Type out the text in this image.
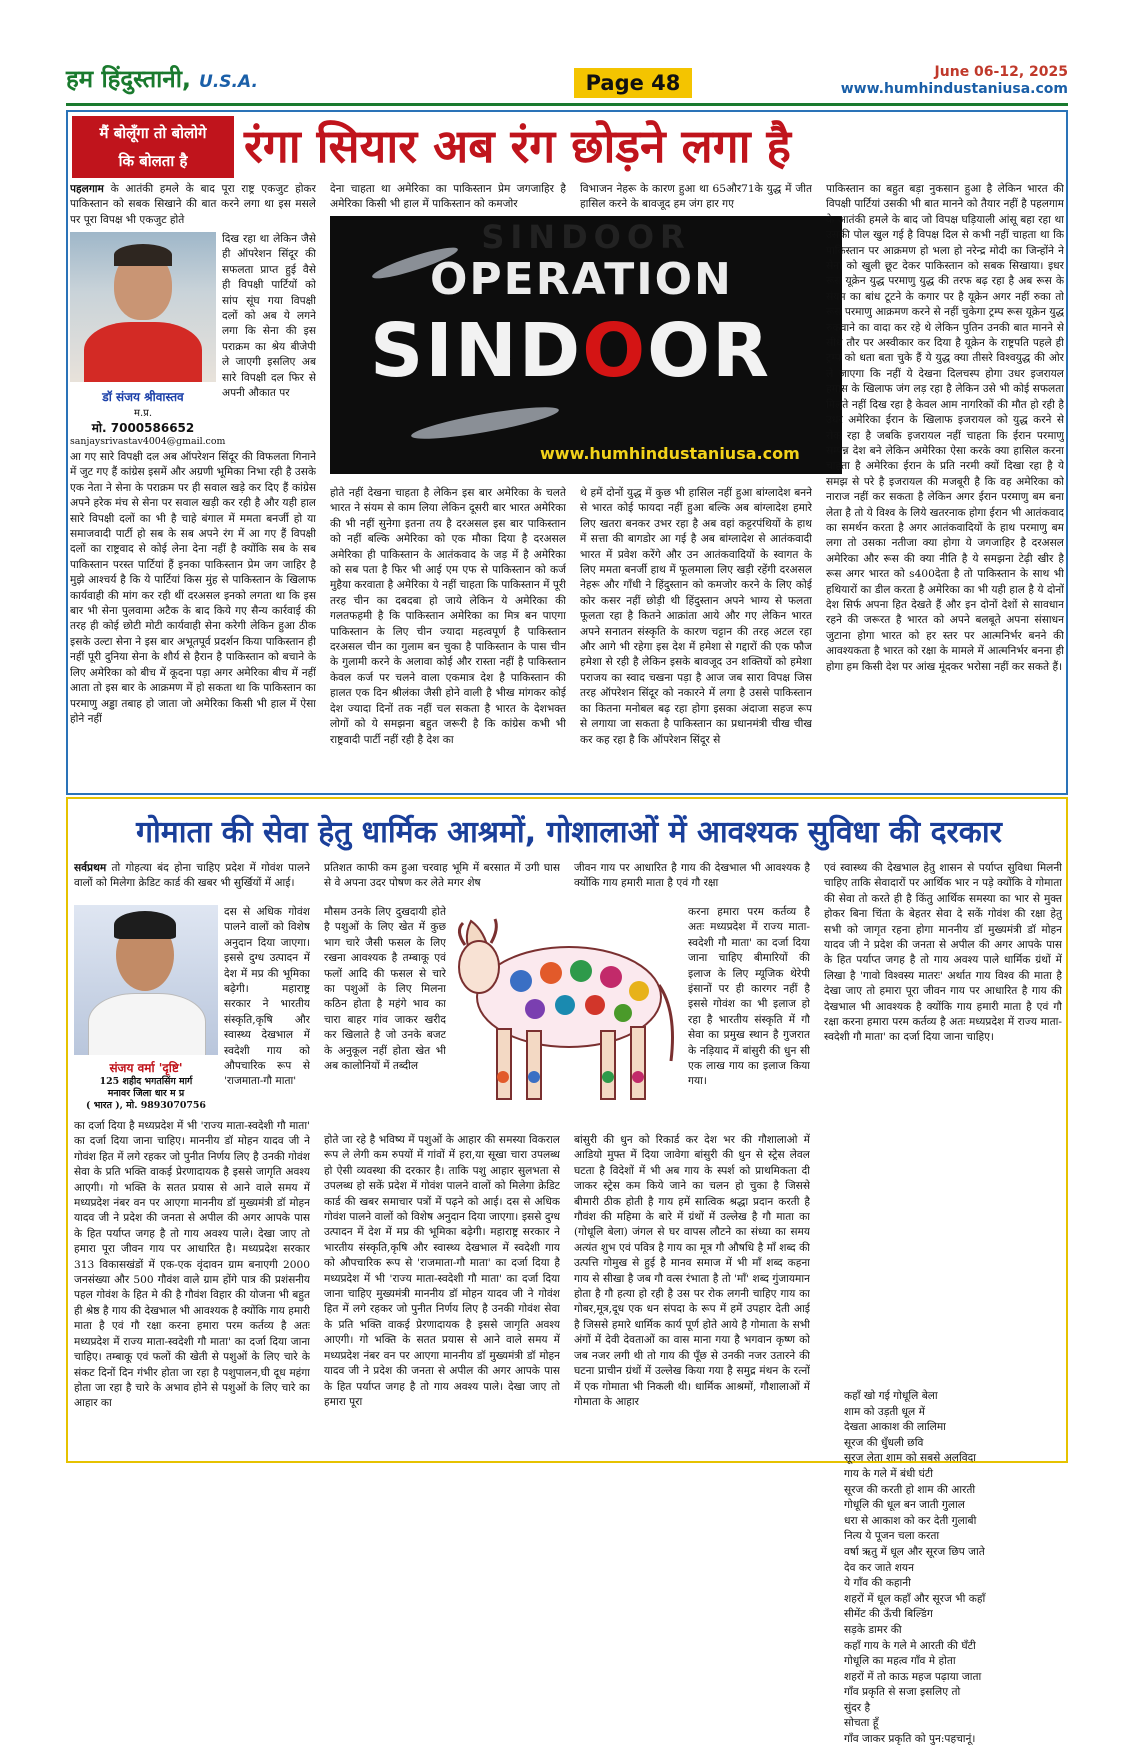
हम हिंदुस्तानी, U.S.A.	Page 48	June 06-12, 2025
www.humhindustaniusa.com
मैं बोलूँगा तो बोलोगे
कि बोलता है	रंगा सियार अब रंग छोड़ने लगा है

पहलगाम के आतंकी हमले के बाद पूरा राष्ट्र एकजुट होकर पाकिस्तान को सबक सिखाने की बात करने लगा था इस मसले पर पूरा विपक्ष भी एकजुट होते

डॉ संजय श्रीवास्तव
म.प्र.
मो. 7000586652
sanjaysrivastav4004@gmail.com
दिख रहा था लेकिन जैसे ही ऑपरेशन सिंदूर की सफलता प्राप्त हुई वैसे ही विपक्षी पार्टियों को सांप सूंघ गया विपक्षी दलों को अब ये लगने लगा कि सेना की इस पराक्रम का श्रेय बीजेपी ले जाएगी इसलिए अब सारे विपक्षी दल फिर से अपनी औकात पर
आ गए सारे विपक्षी दल अब ऑपरेशन सिंदूर की विफलता गिनाने में जुट गए हैं कांग्रेस इसमें और अग्रणी भूमिका निभा रही है उसके एक नेता ने सेना के पराक्रम पर ही सवाल खड़े कर दिए हैं कांग्रेस अपने हरेक मंच से सेना पर सवाल खड़ी कर रही है और यही हाल सारे विपक्षी दलों का भी है चाहे बंगाल में ममता बनर्जी हो या समाजवादी पार्टी हो सब के सब अपने रंग में आ गए हैं विपक्षी दलों का राष्ट्रवाद से कोई लेना देना नहीं है क्योंकि सब के सब पाकिस्तान परस्त पार्टियां हैं इनका पाकिस्तान प्रेम जग जाहिर है मुझे आश्चर्य है कि ये पार्टियां किस मुंह से पाकिस्तान के खिलाफ कार्यवाही की मांग कर रही थीं दरअसल इनको लगता था कि इस बार भी सेना पुलवामा अटैक के बाद किये गए सैन्य कार्रवाई की तरह ही कोई छोटी मोटी कार्यवाही सेना करेगी लेकिन हुआ ठीक इसके उल्टा सेना ने इस बार अभूतपूर्व प्रदर्शन किया पाकिस्तान ही नहीं पूरी दुनिया सेना के शौर्य से हैरान है पाकिस्तान को बचाने के लिए अमेरिका को बीच में कूदना पड़ा अगर अमेरिका बीच में नहीं आता तो इस बार के आक्रमण में हो सकता था कि पाकिस्तान का परमाणु अड्डा तबाह हो जाता जो अमेरिका किसी भी हाल में ऐसा होने नहीं
देना चाहता था अमेरिका का पाकिस्तान प्रेम जगजाहिर है अमेरिका किसी भी हाल में पाकिस्तान को कमजोर
SINDOOR
OPERATION
SINDOOR
www.humhindustaniusa.com
होते नहीं देखना चाहता है लेकिन इस बार अमेरिका के चलते भारत ने संयम से काम लिया लेकिन दूसरी बार भारत अमेरिका की भी नहीं सुनेगा इतना तय है दरअसल इस बार पाकिस्तान को नहीं बल्कि अमेरिका को एक मौका दिया है दरअसल अमेरिका ही पाकिस्तान के आतंकवाद के जड़ में है अमेरिका को सब पता है फिर भी आई एम एफ से पाकिस्तान को कर्ज मुहैया करवाता है अमेरिका ये नहीं चाहता कि पाकिस्तान में पूरी तरह चीन का दबदबा हो जाये लेकिन ये अमेरिका की गलतफहमी है कि पाकिस्तान अमेरिका का मित्र बन पाएगा पाकिस्तान के लिए चीन ज्यादा महत्वपूर्ण है पाकिस्तान दरअसल चीन का गुलाम बन चुका है पाकिस्तान के पास चीन के गुलामी करने के अलावा कोई और रास्ता नहीं है पाकिस्तान केवल कर्ज पर चलने वाला एकमात्र देश है पाकिस्तान की हालत एक दिन श्रीलंका जैसी होने वाली है भीख मांगकर कोई देश ज्यादा दिनों तक नहीं चल सकता है भारत के देशभक्त लोगों को ये समझना बहुत जरूरी है कि कांग्रेस कभी भी राष्ट्रवादी पार्टी नहीं रही है देश का
विभाजन नेहरू के कारण हुआ था 65और71के युद्ध में जीत हासिल करने के बावजूद हम जंग हार गए
थे हमें दोनों युद्ध में कुछ भी हासिल नहीं हुआ बांग्लादेश बनने से भारत कोई फायदा नहीं हुआ बल्कि अब बांग्लादेश हमारे लिए खतरा बनकर उभर रहा है अब वहां कट्टरपंथियों के हाथ में सत्ता की बागडोर आ गई है अब बांग्लादेश से आतंकवादी भारत में प्रवेश करेंगे और उन आतंकवादियों के स्वागत के लिए ममता बनर्जी हाथ में फूलमाला लिए खड़ी रहेंगी दरअसल नेहरू और गाँधी ने हिंदुस्तान को कमजोर करने के लिए कोई कोर कसर नहीं छोड़ी थी हिंदुस्तान अपने भाग्य से फलता फूलता रहा है कितने आक्रांता आये और गए लेकिन भारत अपने सनातन संस्कृति के कारण चट्टान की तरह अटल रहा और आगे भी रहेगा इस देश में हमेशा से गद्दारों की एक फौज हमेशा से रही है लेकिन इसके बावजूद उन शक्तियों को हमेशा पराजय का स्वाद चखना पड़ा है आज जब सारा विपक्ष जिस तरह ऑपरेशन सिंदूर को नकारने में लगा है उससे पाकिस्तान का कितना मनोबल बढ़ रहा होगा इसका अंदाजा सहज रूप से लगाया जा सकता है पाकिस्तान का प्रधानमंत्री चीख चीख कर कह रहा है कि ऑपरेशन सिंदूर से
पाकिस्तान का बहुत बड़ा नुकसान हुआ है लेकिन भारत की विपक्षी पार्टियां उसकी भी बात मानने को तैयार नहीं है पहलगाम के आतंकी हमले के बाद जो विपक्ष घड़ियाली आंसू बहा रहा था उसकी पोल खुल गई है विपक्ष दिल से कभी नहीं चाहता था कि पाकिस्तान पर आक्रमण हो भला हो नरेन्द्र मोदी का जिन्होंने ने सेना को खुली छूट देकर पाकिस्तान को सबक सिखाया। इधर रूस यूक्रेन युद्ध परमाणु युद्ध की तरफ बढ़ रहा है अब रूस के संयम का बांध टूटने के कगार पर है यूक्रेन अगर नहीं रुका तो रूस परमाणु आक्रमण करने से नहीं चुकेगा ट्रम्प रूस यूक्रेन युद्ध रुकवाने का वादा कर रहे थे लेकिन पुतिन उनकी बात मानने से सीधे तौर पर अस्वीकार कर दिया है यूक्रेन के राष्ट्रपति पहले ही ट्रम्प को धता बता चुके हैं ये युद्ध क्या तीसरे विश्वयुद्ध की ओर ले जाएगा कि नहीं ये देखना दिलचस्प होगा उधर इजरायल हमास के खिलाफ जंग लड़ रहा है लेकिन उसे भी कोई सफलता मिलते नहीं दिख रहा है केवल आम नागरिकों की मौत हो रही है उधर अमेरिका ईरान के खिलाफ इजरायल को युद्ध करने से रोक रहा है जबकि इजरायल नहीं चाहता कि ईरान परमाणु सम्पन्न देश बने लेकिन अमेरिका ऐसा करके क्या हासिल करना चाहता है अमेरिका ईरान के प्रति नरमी क्यों दिखा रहा है ये समझ से परे है इजरायल की मजबूरी है कि वह अमेरिका को नाराज नहीं कर सकता है लेकिन अगर ईरान परमाणु बम बना लेता है तो ये विश्व के लिये खतरनाक होगा ईरान भी आतंकवाद का समर्थन करता है अगर आतंकवादियों के हाथ परमाणु बम लगा तो उसका नतीजा क्या होगा ये जगजाहिर है दरअसल अमेरिका और रूस की क्या नीति है ये समझना टेढ़ी खीर है रूस अगर भारत को s400देता है तो पाकिस्तान के साथ भी हथियारों का डील करता है अमेरिका का भी यही हाल है ये दोनों देश सिर्फ अपना हित देखते हैं और इन दोनों देशों से सावधान रहने की जरूरत है भारत को अपने बलबूते अपना संसाधन जुटाना होगा भारत को हर स्तर पर आत्मनिर्भर बनने की आवश्यकता है भारत को रक्षा के मामले में आत्मनिर्भर बनना ही होगा हम किसी देश पर आंख मूंदकर भरोसा नहीं कर सकते हैं।
गोमाता की सेवा हेतु धार्मिक आश्रमों, गोशालाओं में आवश्यक सुविधा की दरकार

सर्वप्रथम तो गोहत्या बंद होना चाहिए प्रदेश में गोवंश पालने वालों को मिलेगा क्रेडिट कार्ड की खबर भी सुर्खियों में आई।

संजय वर्मा 'दृष्टि'
125 शहीद भगतसिंग मार्ग
मनावर जिला धार म प्र
( भारत ), मो. 9893070756
दस से अधिक गोवंश पालने वालों को विशेष अनुदान दिया जाएगा। इससे दुग्ध उत्पादन में देश में मप्र की भूमिका बढ़ेगी। महाराष्ट्र सरकार ने भारतीय संस्कृति,कृषि और स्वास्थ्य देखभाल में स्वदेशी गाय को औपचारिक रूप से 'राजमाता-गौ माता'
का दर्जा दिया है मध्यप्रदेश में भी 'राज्य माता-स्वदेशी गौ माता' का दर्जा दिया जाना चाहिए। माननीय डॉ मोहन यादव जी ने गोवंश हित में लगे रहकर जो पुनीत निर्णय लिए है उनकी गोवंश सेवा के प्रति भक्ति वाकई प्रेरणादायक है इससे जागृति अवश्य आएगी। गो भक्ति के सतत प्रयास से आने वाले समय में मध्यप्रदेश नंबर वन पर आएगा माननीय डॉ मुख्यमंत्री डॉ मोहन यादव जी ने प्रदेश की जनता से अपील की अगर आपके पास के हित पर्याप्त जगह है तो गाय अवश्य पाले। देखा जाए तो हमारा पूरा जीवन गाय पर आधारित है। मध्यप्रदेश सरकार 313 विकासखंडों में एक-एक वृंदावन ग्राम बनाएगी 2000 जनसंख्या और 500 गौवंश वाले ग्राम होंगे पात्र की प्रशंसनीय पहल गोवंश के हित मे की है गौवंश विहार की योजना भी बहुत ही श्रेष्ठ है गाय की देखभाल भी आवश्यक है क्योंकि गाय हमारी माता है एवं गौ रक्षा करना हमारा परम कर्तव्य है अतः मध्यप्रदेश में राज्य माता-स्वदेशी गौ माता' का दर्जा दिया जाना चाहिए। तम्बाकू एवं फलों की खेती से पशुओं के लिए चारे के संकट दिनों दिन गंभीर होता जा रहा है पशुपालन,घी दूध महंगा होता जा रहा है चारे के अभाव होने से पशुओं के लिए चारे का आहार का
प्रतिशत काफी कम हुआ चरवाह भूमि में बरसात में उगी घास से वे अपना उदर पोषण कर लेते मगर शेष
मौसम उनके लिए दुखदायी होते है पशुओं के लिए खेत में कुछ भाग चारे जैसी फसल के लिए रखना आवश्यक है तम्बाकू एवं फलों आदि की फसल से चारे का पशुओं के लिए मिलना कठिन होता है महंगे भाव का चारा बाहर गांव जाकर खरीद कर खिलाते है जो उनके बजट के अनुकूल नहीं होता खेत भी अब कालोनियों में तब्दील
होते जा रहे है भविष्य में पशुओं के आहार की समस्या विकराल रूप ले लेगी कम रुपयों में गांवों में हरा,या सूखा चारा उपलब्ध हो ऐसी व्यवस्था की दरकार है। ताकि पशु आहार सुलभता से उपलब्ध हो सकें प्रदेश में गोवंश पालने वालों को मिलेगा क्रेडिट कार्ड की खबर समाचार पत्रों में पढ़ने को आई। दस से अधिक गोवंश पालने वालों को विशेष अनुदान दिया जाएगा। इससे दुग्ध उत्पादन में देश में मप्र की भूमिका बढ़ेगी। महाराष्ट्र सरकार ने भारतीय संस्कृति,कृषि और स्वास्थ्य देखभाल में स्वदेशी गाय को औपचारिक रूप से 'राजमाता-गौ माता' का दर्जा दिया है मध्यप्रदेश में भी 'राज्य माता-स्वदेशी गौ माता' का दर्जा दिया जाना चाहिए मुख्यमंत्री माननीय डॉ मोहन यादव जी ने गोवंश हित में लगे रहकर जो पुनीत निर्णय लिए है उनकी गोवंश सेवा के प्रति भक्ति वाकई प्रेरणादायक है इससे जागृति अवश्य आएगी। गो भक्ति के सतत प्रयास से आने वाले समय में मध्यप्रदेश नंबर वन पर आएगा माननीय डॉ मुख्यमंत्री डॉ मोहन यादव जी ने प्रदेश की जनता से अपील की अगर आपके पास के हित पर्याप्त जगह है तो गाय अवश्य पाले। देखा जाए तो हमारा पूरा
जीवन गाय पर आधारित है गाय की देखभाल भी आवश्यक है क्योंकि गाय हमारी माता है एवं गौ रक्षा
करना हमारा परम कर्तव्य है अतः मध्यप्रदेश में राज्य माता-स्वदेशी गौ माता' का दर्जा दिया जाना चाहिए बीमारियों की इलाज के लिए म्यूजिक थेरेपी इंसानों पर ही कारगर नहीं है इससे गोवंश का भी इलाज हो रहा है भारतीय संस्कृति में गौ सेवा का प्रमुख स्थान है गुजरात के नड़ियाद में बांसुरी की धुन सी एक लाख गाय का इलाज किया गया।
बांसुरी की धुन को रिकार्ड कर देश भर की गौशालाओ में आडियो मुफ्त में दिया जावेगा बांसुरी की धुन से स्ट्रेस लेवल घटता है विदेशों में भी अब गाय के स्पर्श को प्राथमिकता दी जाकर स्ट्रेस कम किये जाने का चलन हो चुका है जिससे बीमारी ठीक होती है गाय हमें सात्विक श्रद्धा प्रदान करती है गौवंश की महिमा के बारे में ग्रंथों में उल्लेख है गौ माता का (गोधूलि बेला) जंगल से घर वापस लौटने का संध्या का समय अत्यंत शुभ एवं पवित्र है गाय का मूत्र गौ औषधि है माँ शब्द की उत्पत्ति गोमुख से हुई है मानव समाज में भी माँ शब्द कहना गाय से सीखा है जब गौ वत्स रंभाता है तो 'माँ' शब्द गुंजायमान होता है गौ हत्या हो रही है उस पर रोक लगनी चाहिए गाय का गोबर,मूत्र,दूध एक धन संपदा के रूप में हमें उपहार देती आई है जिससे हमारे धार्मिक कार्य पूर्ण होते आये है गोमाता के सभी अंगों में देवी देवताओं का वास माना गया है भगवान कृष्ण को जब नजर लगी थी तो गाय की पूँछ से उनकी नजर उतारने की घटना प्राचीन ग्रंथों में उल्लेख किया गया है समुद्र मंथन के रत्नों में एक गोमाता भी निकली थी। धार्मिक आश्रमों, गौशालाओं में गोमाता के आहार
एवं स्वास्थ्य की देखभाल हेतु शासन से पर्याप्त सुविधा मिलनी चाहिए ताकि सेवादारों पर आर्थिक भार न पड़े क्योंकि वे गोमाता की सेवा तो करते ही है किंतु आर्थिक समस्या का भार से मुक्त होकर बिना चिंता के बेहतर सेवा दे सकें गोवंश की रक्षा हेतु सभी को जागृत रहना होगा माननीय डॉ मुख्यमंत्री डॉ मोहन यादव जी ने प्रदेश की जनता से अपील की अगर आपके पास के हित पर्याप्त जगह है तो गाय अवश्य पाले धार्मिक ग्रंथों में लिखा है 'गावो विश्वस्य मातरः' अर्थात गाय विश्व की माता है देखा जाए तो हमारा पूरा जीवन गाय पर आधारित है गाय की देखभाल भी आवश्यक है क्योंकि गाय हमारी माता है एवं गौ रक्षा करना हमारा परम कर्तव्य है अतः मध्यप्रदेश में राज्य माता-स्वदेशी गौ माता' का दर्जा दिया जाना चाहिए।
कहाँ खो गई गोधूलि बेला
शाम को उड़ती धूल में
देखता आकाश की लालिमा
सूरज की धुँधली छवि
सूरज लेता शाम को सबसे अलविदा
गाय के गले में बंधी घंटी
सूरज की करती हो शाम की आरती
गोधूलि की धूल बन जाती गुलाल
धरा से आकाश को कर देती गुलाबी
नित्य ये पूजन चला करता
वर्षा ऋतु में धूल और सूरज छिप जाते
देव कर जाते शयन
ये गाँव की कहानी
शहरों में धूल कहाँ और सूरज भी कहाँ
सीमेंट की ऊँची बिल्डिंग
सड़के डामर की
कहाँ गाय के गले मे आरती की घँटी
गोधूलि का महत्व गाँव मे होता
शहरों में तो काऊ महज पढ़ाया जाता
गाँव प्रकृति से सजा इसलिए तो
सुंदर है
सोचता हूँ
गाँव जाकर प्रकृति को पुन:पहचानूं।
